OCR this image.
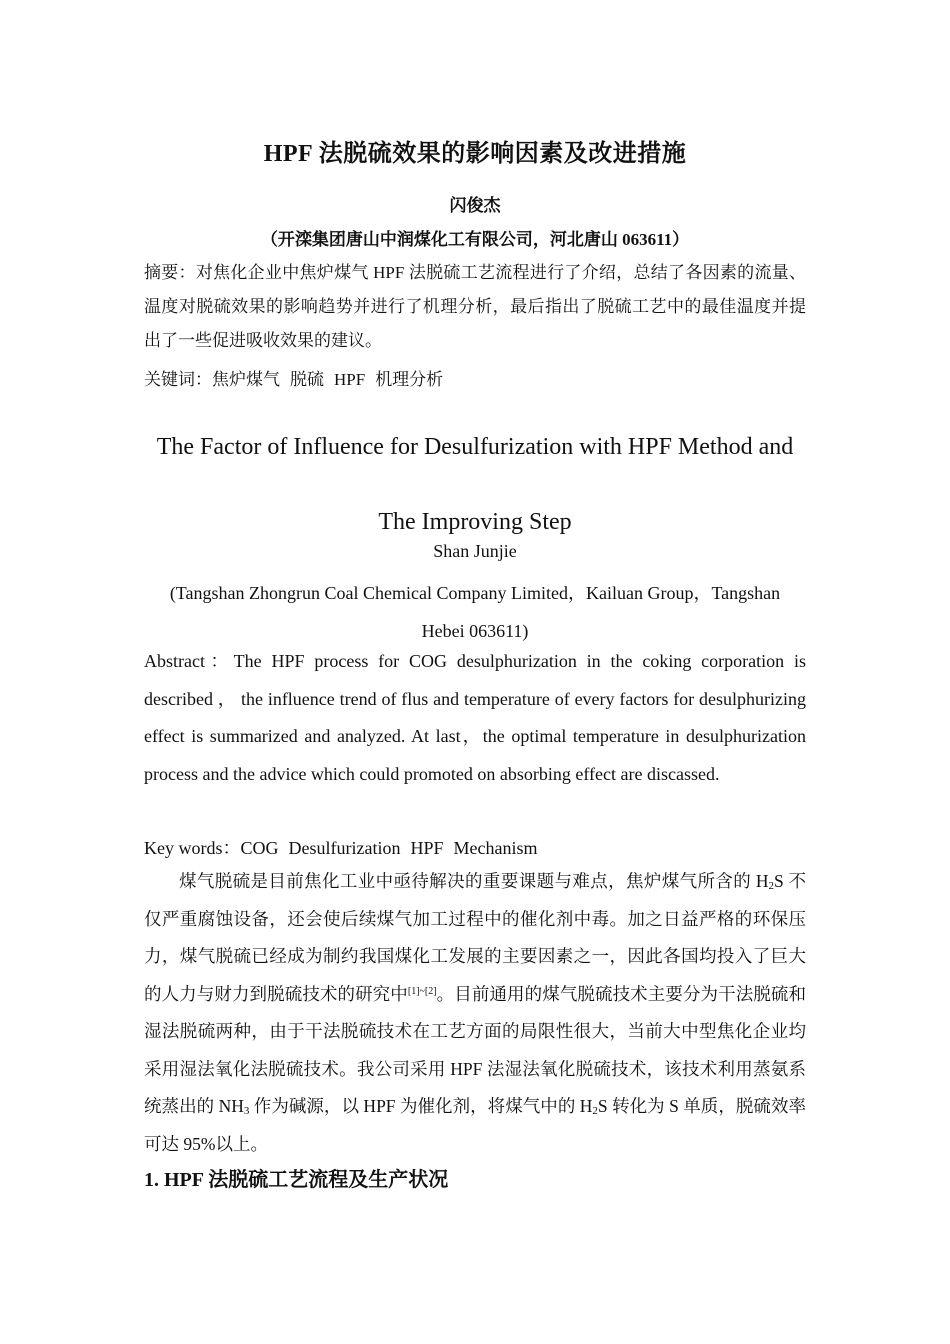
HPF 法脱硫效果的影响因素及改进措施
闪俊杰
（开滦集团唐山中润煤化工有限公司，河北唐山 063611）
摘要：对焦化企业中焦炉煤气 HPF 法脱硫工艺流程进行了介绍，总结了各因素的流量、温度对脱硫效果的影响趋势并进行了机理分析，最后指出了脱硫工艺中的最佳温度并提出了一些促进吸收效果的建议。
关键词：焦炉煤气 脱硫 HPF 机理分析
The Factor of Influence for Desulfurization with HPF Method and
The Improving Step
Shan Junjie
(Tangshan Zhongrun Coal Chemical Company Limited，Kailuan Group，Tangshan
Hebei 063611)
Abstract：The HPF process for COG desulphurization in the coking corporation is described ， the influence trend of flus and temperature of every factors for desulphurizing effect is summarized and analyzed. At last，the optimal temperature in desulphurization process and the advice which could promoted on absorbing effect are discassed.
Key words：COG Desulfurization HPF Mechanism
煤气脱硫是目前焦化工业中亟待解决的重要课题与难点，焦炉煤气所含的 $H_2S$ 不仅严重腐蚀设备，还会使后续煤气加工过程中的催化剂中毒。加之日益严格的环保压力，煤气脱硫已经成为制约我国煤化工发展的主要因素之一，因此各国均投入了巨大的人力与财力到脱硫技术的研究中[1]~[2]。目前通用的煤气脱硫技术主要分为干法脱硫和湿法脱硫两种，由于干法脱硫技术在工艺方面的局限性很大，当前大中型焦化企业均采用湿法氧化法脱硫技术。我公司采用 HPF 法湿法氧化脱硫技术，该技术利用蒸氨系统蒸出的 $NH_3$ 作为碱源，以 HPF 为催化剂，将煤气中的 $H_2S$ 转化为 S 单质，脱硫效率可达 95%以上。
1. HPF 法脱硫工艺流程及生产状况
